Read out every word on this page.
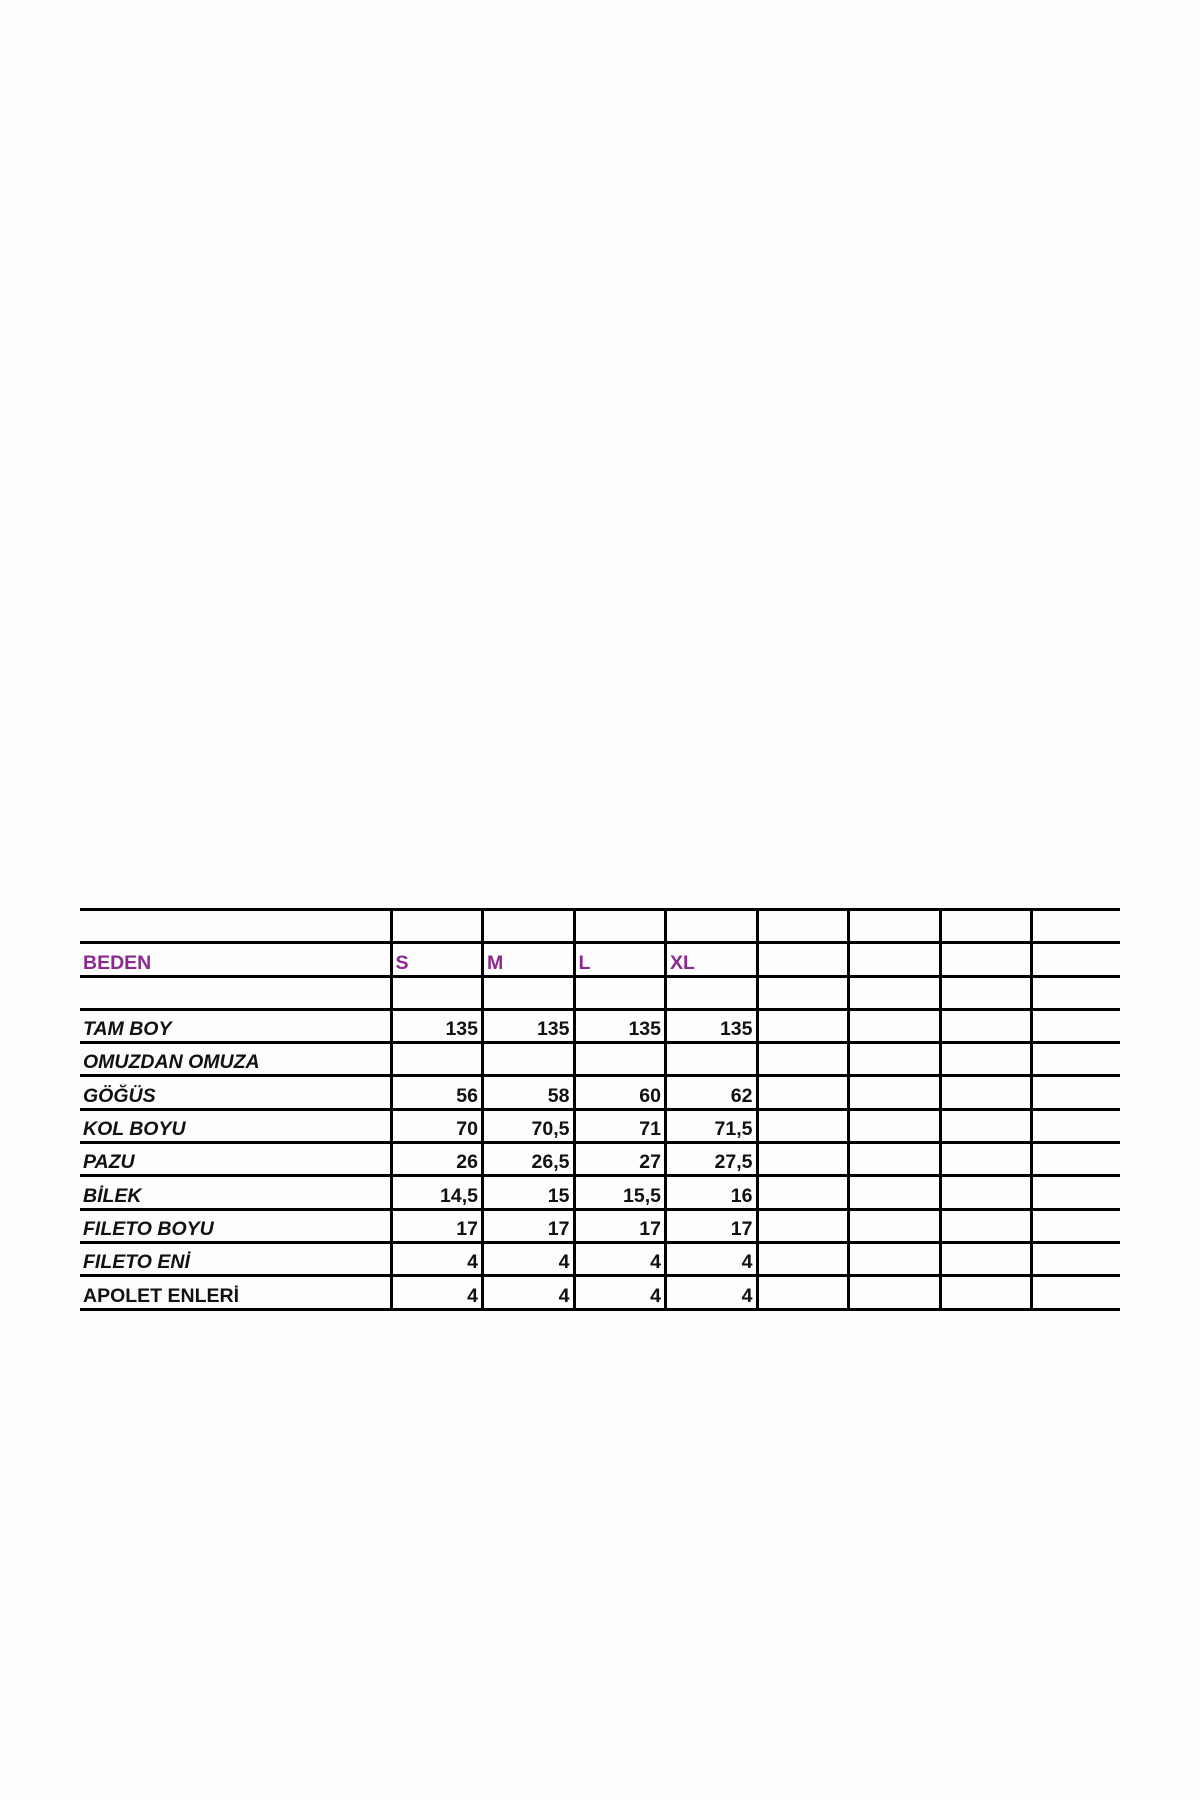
BEDEN	S	M	L	XL				

TAM BOY	135	135	135	135				
OMUZDAN OMUZA								
GÖĞÜS	56	58	60	62				
KOL BOYU	70	70,5	71	71,5				
PAZU	26	26,5	27	27,5				
BİLEK	14,5	15	15,5	16				
FILETO BOYU	17	17	17	17				
FILETO ENİ	4	4	4	4				
APOLET ENLERİ	4	4	4	4				
